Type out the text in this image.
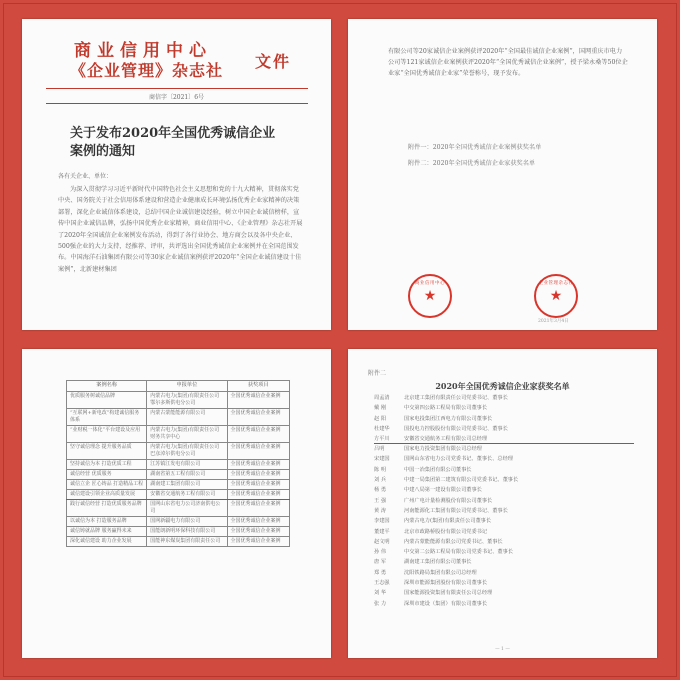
商业信用中心
《企业管理》杂志社 文件
商信字〔2021〕6号
关于发布2020年全国优秀诚信企业案例的通知
各有关企业、单位：
为深入贯彻学习习近平新时代中国特色社会主义思想和党的十九大精神，贯彻落实党中央、国务院关于社会信用体系建设和营造企业健康成长环境弘扬优秀企业家精神的决策部署，深化企业诚信体系建设，总结中国企业诚信建设经验，树立中国企业诚信榜样，宣传中国企业诚信品牌，弘扬中国优秀企业家精神，商业信用中心、《企业管理》杂志社开展了2020年全国诚信企业案例发布活动，得到了各行业协会、地方商会以及各中央企业、500强企业的大力支持，经推荐、评审，共评选出全国优秀诚信企业案例并在全国范围发布。中国海洋石油集团有限公司等30家企业诚信案例获评2020年“全国企业诚信建设十佳案例”，北新建材集团
有限公司等20家诚信企业案例获评2020年“全国最佳诚信企业案例”，国网重庆市电力公司等121家诚信企业案例获评2020年“全国优秀诚信企业案例”，授予梁永桑等50位企业家“全国优秀诚信企业家”荣誉称号，现予发布。
附件一：2020年全国优秀诚信企业案例获奖名单
附件二：2020年全国优秀诚信企业家获奖名单
商业信用中心
★
企业管理杂志社
★
2021年3月4日
案例名称	申报单位	获奖项目
优质服务树诚信品牌	内蒙古电力(集团)有限责任公司鄂尔多斯供电分公司	全国优秀诚信企业案例
“互联网+新电改”构建诚信服务体系	内蒙古蒙能能源有限公司	全国优秀诚信企业案例
“业财税一体化”平台建设及应用	内蒙古电力(集团)有限责任公司财务共享中心	全国优秀诚信企业案例
坚守诚信理念 提升服务品质	内蒙古电力(集团)有限责任公司巴彦淖尔供电分公司	全国优秀诚信企业案例
坚持诚信为本 打造优质工程	江苏镇江发电有限公司	全国优秀诚信企业案例
诚信经营 优质服务	湖南省第五工程有限公司	全国优秀诚信企业案例
诚信立企 匠心铸品 打造精品工程	湖南建工集团有限公司	全国优秀诚信企业案例
诚信建设引领企业高质量发展	安徽省交通航务工程有限公司	全国优秀诚信企业案例
践行诚信经营 打造优质服务品牌	国网山东省电力公司济南供电公司	全国优秀诚信企业案例
以诚信为本 打造服务品牌	国网新疆电力有限公司	全国优秀诚信企业案例
诚信铸就品牌 服务赢得未来	国能朗新明环保科技有限公司	全国优秀诚信企业案例
深化诚信建设 助力企业发展	国能神东煤炭集团有限责任公司	全国优秀诚信企业案例
附件二
2020年全国优秀诚信企业家获奖名单
周孟清	北京建工集团有限责任公司党委书记、董事长
戴 刚	中交第四公路工程局有限公司董事长
赵 阳	国家电投集团江西电力有限公司董事长
杜建华	国投电力控股股份有限公司党委书记、董事长
方平川	安徽省交通航务工程有限公司总经理
吕明	国家电力投资集团有限公司总经理
宋建国	国网山东省电力公司党委书记、董事长、总经理
陈 明	中国一冶集团有限公司董事长
刘 兵	中建一局集团第二建筑有限公司党委书记、董事长
杨 勇	中建八局第一建设有限公司董事长
王 强	广州广电计量检测股份有限公司董事长
黄 涛	河南能源化工集团有限公司党委书记、董事长
李建国	内蒙古电力(集团)有限责任公司董事长
董建平	北京市政路桥股份有限公司党委书记
赵文明	内蒙古蒙能能源有限公司党委书记、董事长
孙 伟	中交第二公路工程局有限公司党委书记、董事长
唐 军	湖南建工集团有限公司董事长
郑 勇	沈阳铁路局集团有限公司总经理
王志强	深圳市能源集团股份有限公司董事长
刘 华	国家能源投资集团有限责任公司总经理
张 力	深圳市建设（集团）有限公司董事长
— 1 —
